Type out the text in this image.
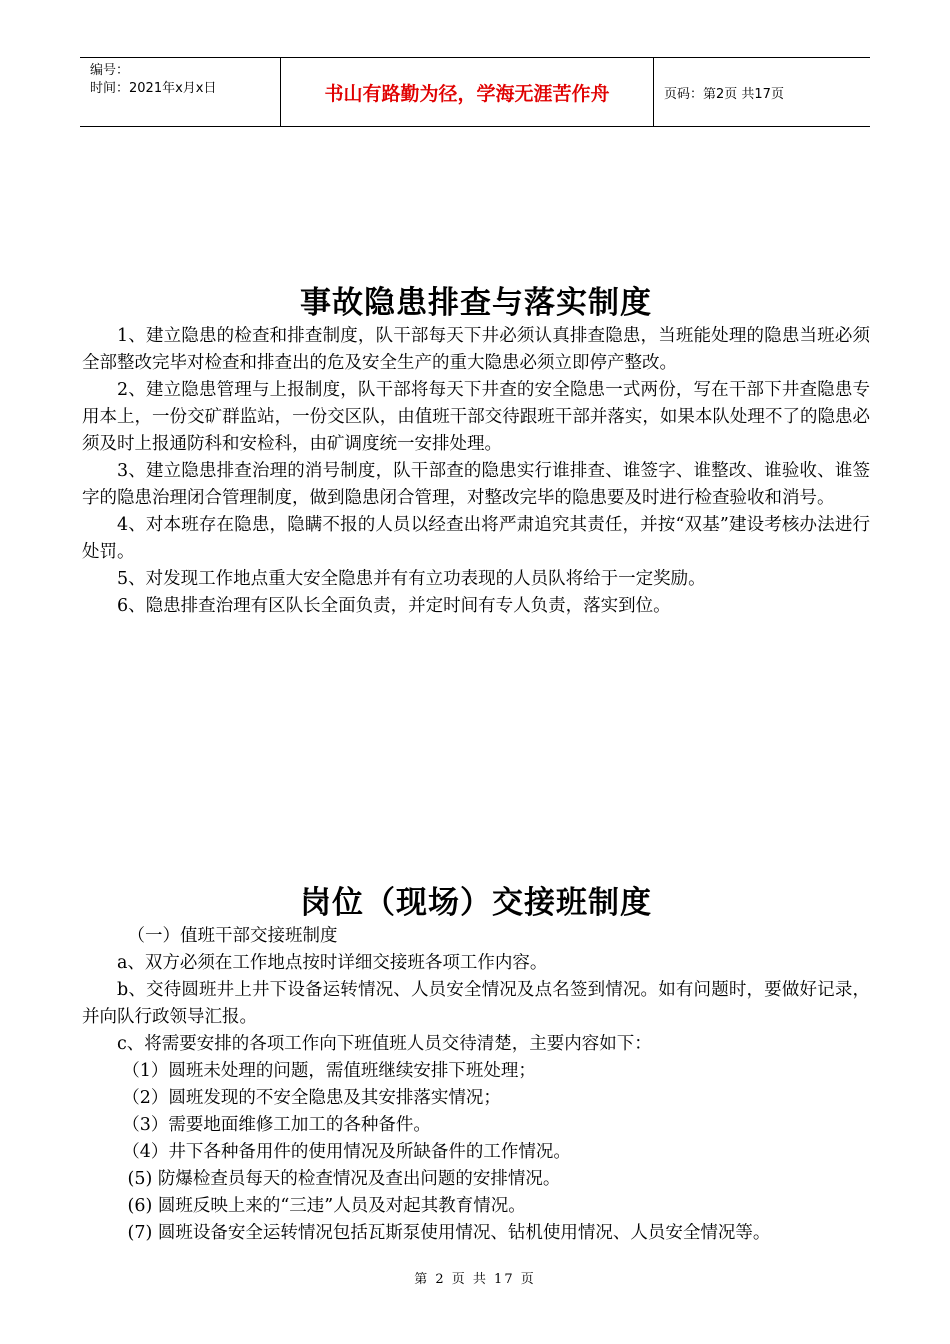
编号：
时间：2021年x月x日	书山有路勤为径，学海无涯苦作舟	页码：第2页 共17页
事故隐患排查与落实制度

1、建立隐患的检查和排查制度，队干部每天下井必须认真排查隐患，当班能处理的隐患当班必须全部整改完毕对检查和排查出的危及安全生产的重大隐患必须立即停产整改。

2、建立隐患管理与上报制度，队干部将每天下井查的安全隐患一式两份，写在干部下井查隐患专用本上，一份交矿群监站，一份交区队，由值班干部交待跟班干部并落实，如果本队处理不了的隐患必须及时上报通防科和安检科，由矿调度统一安排处理。

3、建立隐患排查治理的消号制度，队干部查的隐患实行谁排查、谁签字、谁整改、谁验收、谁签字的隐患治理闭合管理制度，做到隐患闭合管理，对整改完毕的隐患要及时进行检查验收和消号。

4、对本班存在隐患，隐瞒不报的人员以经查出将严肃追究其责任，并按“双基”建设考核办法进行处罚。

5、对发现工作地点重大安全隐患并有有立功表现的人员队将给于一定奖励。

6、隐患排查治理有区队长全面负责，并定时间有专人负责，落实到位。

岗位（现场）交接班制度

（一）值班干部交接班制度

a、双方必须在工作地点按时详细交接班各项工作内容。

b、交待圆班井上井下设备运转情况、人员安全情况及点名签到情况。如有问题时，要做好记录，并向队行政领导汇报。

c、将需要安排的各项工作向下班值班人员交待清楚，主要内容如下：

（1）圆班未处理的问题，需值班继续安排下班处理；

（2）圆班发现的不安全隐患及其安排落实情况；

（3）需要地面维修工加工的各种备件。

（4）井下各种备用件的使用情况及所缺备件的工作情况。

(5) 防爆检查员每天的检查情况及查出问题的安排情况。

(6) 圆班反映上来的“三违”人员及对起其教育情况。

(7) 圆班设备安全运转情况包括瓦斯泵使用情况、钻机使用情况、人员安全情况等。

第 2 页 共 17 页
